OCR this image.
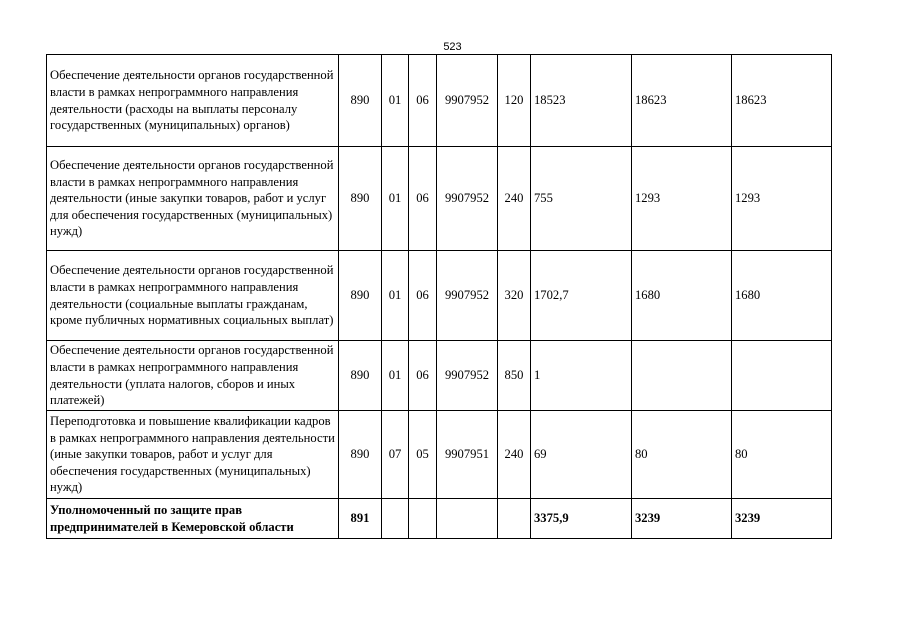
523
Обеспечение деятельности органов государственной власти в рамках непрограммного направления деятельности (расходы на выплаты персоналу государственных (муниципальных) органов)	890	01	06	9907952	120	18523	18623	18623
Обеспечение деятельности органов государственной власти в рамках непрограммного направления деятельности (иные закупки товаров, работ и услуг для обеспечения государственных (муниципальных) нужд)	890	01	06	9907952	240	755	1293	1293
Обеспечение деятельности органов государственной власти в рамках непрограммного направления деятельности (социальные выплаты гражданам, кроме публичных нормативных социальных выплат)	890	01	06	9907952	320	1702,7	1680	1680
Обеспечение деятельности органов государственной власти в рамках непрограммного направления деятельности (уплата налогов, сборов и иных платежей)	890	01	06	9907952	850	1		
Переподготовка и повышение квалификации кадров в рамках непрограммного направления деятельности (иные закупки товаров, работ и услуг для обеспечения государственных (муниципальных) нужд)	890	07	05	9907951	240	69	80	80
Уполномоченный по защите прав предпринимателей в Кемеровской области	891					3375,9	3239	3239
